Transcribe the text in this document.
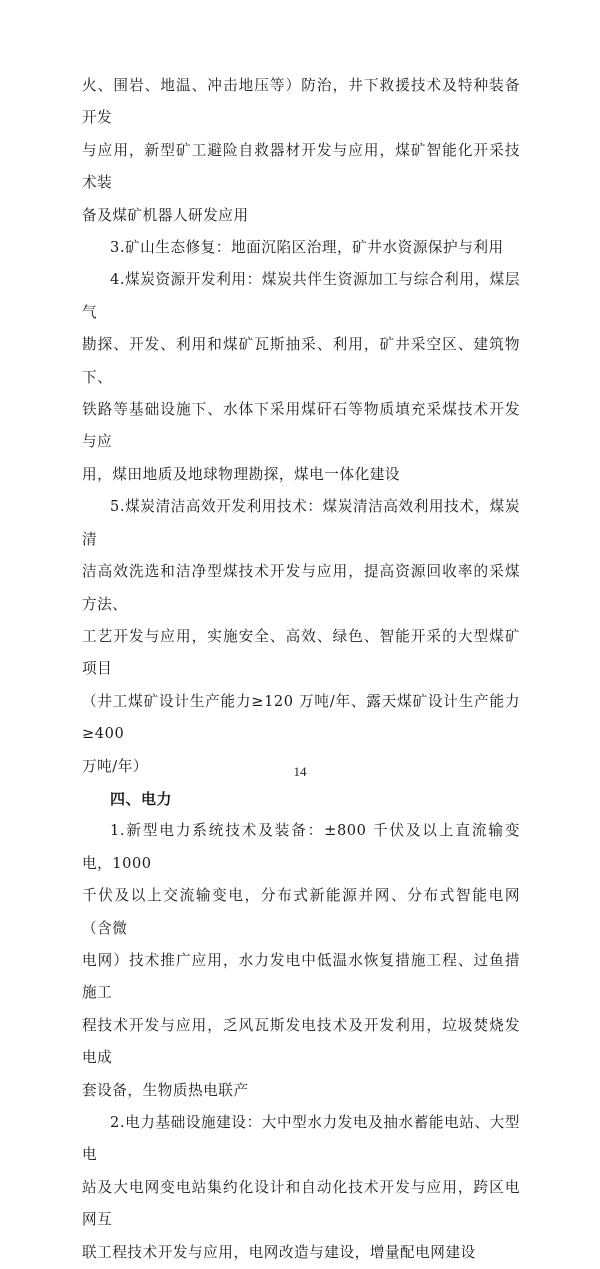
火、围岩、地温、冲击地压等）防治，井下救援技术及特种装备开发

与应用，新型矿工避险自救器材开发与应用，煤矿智能化开采技术装

备及煤矿机器人研发应用

3.矿山生态修复：地面沉陷区治理，矿井水资源保护与利用

4.煤炭资源开发利用：煤炭共伴生资源加工与综合利用，煤层气

勘探、开发、利用和煤矿瓦斯抽采、利用，矿井采空区、建筑物下、

铁路等基础设施下、水体下采用煤矸石等物质填充采煤技术开发与应

用，煤田地质及地球物理勘探，煤电一体化建设

5.煤炭清洁高效开发利用技术：煤炭清洁高效利用技术，煤炭清

洁高效洗选和洁净型煤技术开发与应用，提高资源回收率的采煤方法、

工艺开发与应用，实施安全、高效、绿色、智能开采的大型煤矿项目

（井工煤矿设计生产能力≥120 万吨/年、露天煤矿设计生产能力≥400

万吨/年）

四、电力

1.新型电力系统技术及装备：±800 千伏及以上直流输变电，1000

千伏及以上交流输变电，分布式新能源并网、分布式智能电网（含微

电网）技术推广应用，水力发电中低温水恢复措施工程、过鱼措施工

程技术开发与应用，乏风瓦斯发电技术及开发利用，垃圾焚烧发电成

套设备，生物质热电联产

2.电力基础设施建设：大中型水力发电及抽水蓄能电站、大型电

站及大电网变电站集约化设计和自动化技术开发与应用，跨区电网互

联工程技术开发与应用，电网改造与建设，增量配电网建设

14
